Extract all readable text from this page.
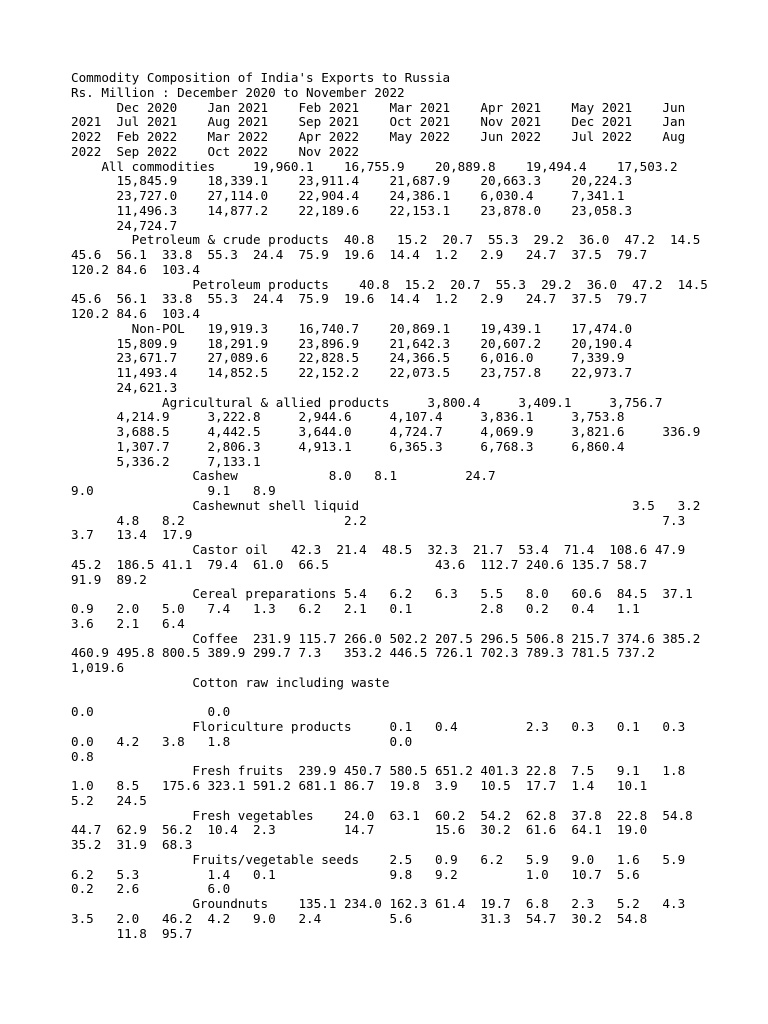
Commodity Composition of India's Exports to Russia
Rs. Million : December 2020 to November 2022
Dec 2020    Jan 2021    Feb 2021    Mar 2021    Apr 2021    May 2021    Jun
2021  Jul 2021    Aug 2021    Sep 2021    Oct 2021    Nov 2021    Dec 2021    Jan
2022  Feb 2022    Mar 2022    Apr 2022    May 2022    Jun 2022    Jul 2022    Aug
2022  Sep 2022    Oct 2022    Nov 2022
All commodities     19,960.1    16,755.9    20,889.8    19,494.4    17,503.2
15,845.9    18,339.1    23,911.4    21,687.9    20,663.3    20,224.3
23,727.0    27,114.0    22,904.4    24,386.1    6,030.4     7,341.1
11,496.3    14,877.2    22,189.6    22,153.1    23,878.0    23,058.3
24,724.7
Petroleum & crude products  40.8   15.2  20.7  55.3  29.2  36.0  47.2  14.5
45.6  56.1  33.8  55.3  24.4  75.9  19.6  14.4  1.2   2.9   24.7  37.5  79.7
120.2 84.6  103.4
Petroleum products    40.8  15.2  20.7  55.3  29.2  36.0  47.2  14.5
45.6  56.1  33.8  55.3  24.4  75.9  19.6  14.4  1.2   2.9   24.7  37.5  79.7
120.2 84.6  103.4
Non-POL   19,919.3    16,740.7    20,869.1    19,439.1    17,474.0
15,809.9    18,291.9    23,896.9    21,642.3    20,607.2    20,190.4
23,671.7    27,089.6    22,828.5    24,366.5    6,016.0     7,339.9
11,493.4    14,852.5    22,152.2    22,073.5    23,757.8    22,973.7
24,621.3
Agricultural & allied products     3,800.4     3,409.1     3,756.7
4,214.9     3,222.8     2,944.6     4,107.4     3,836.1     3,753.8
3,688.5     4,442.5     3,644.0     4,724.7     4,069.9     3,821.6     336.9
1,307.7     2,806.3     4,913.1     6,365.3     6,768.3     6,860.4
5,336.2     7,133.1
Cashew            8.0   8.1         24.7
9.0               9.1   8.9
Cashewnut shell liquid                                    3.5   3.2
4.8   8.2                     2.2                                       7.3
3.7   13.4  17.9
Castor oil   42.3  21.4  48.5  32.3  21.7  53.4  71.4  108.6 47.9
45.2  186.5 41.1  79.4  61.0  66.5              43.6  112.7 240.6 135.7 58.7
91.9  89.2
Cereal preparations 5.4   6.2   6.3   5.5   8.0   60.6  84.5  37.1
0.9   2.0   5.0   7.4   1.3   6.2   2.1   0.1         2.8   0.2   0.4   1.1
3.6   2.1   6.4
Coffee  231.9 115.7 266.0 502.2 207.5 296.5 506.8 215.7 374.6 385.2
460.9 495.8 800.5 389.9 299.7 7.3   353.2 446.5 726.1 702.3 789.3 781.5 737.2
1,019.6
Cotton raw including waste

0.0               0.0
Floriculture products     0.1   0.4         2.3   0.3   0.1   0.3
0.0   4.2   3.8   1.8                     0.0
0.8
Fresh fruits  239.9 450.7 580.5 651.2 401.3 22.8  7.5   9.1   1.8
1.0   8.5   175.6 323.1 591.2 681.1 86.7  19.8  3.9   10.5  17.7  1.4   10.1
5.2   24.5
Fresh vegetables    24.0  63.1  60.2  54.2  62.8  37.8  22.8  54.8
44.7  62.9  56.2  10.4  2.3         14.7        15.6  30.2  61.6  64.1  19.0
35.2  31.9  68.3
Fruits/vegetable seeds    2.5   0.9   6.2   5.9   9.0   1.6   5.9
6.2   5.3         1.4   0.1               9.8   9.2         1.0   10.7  5.6
0.2   2.6         6.0
Groundnuts    135.1 234.0 162.3 61.4  19.7  6.8   2.3   5.2   4.3
3.5   2.0   46.2  4.2   9.0   2.4         5.6         31.3  54.7  30.2  54.8
11.8  95.7
